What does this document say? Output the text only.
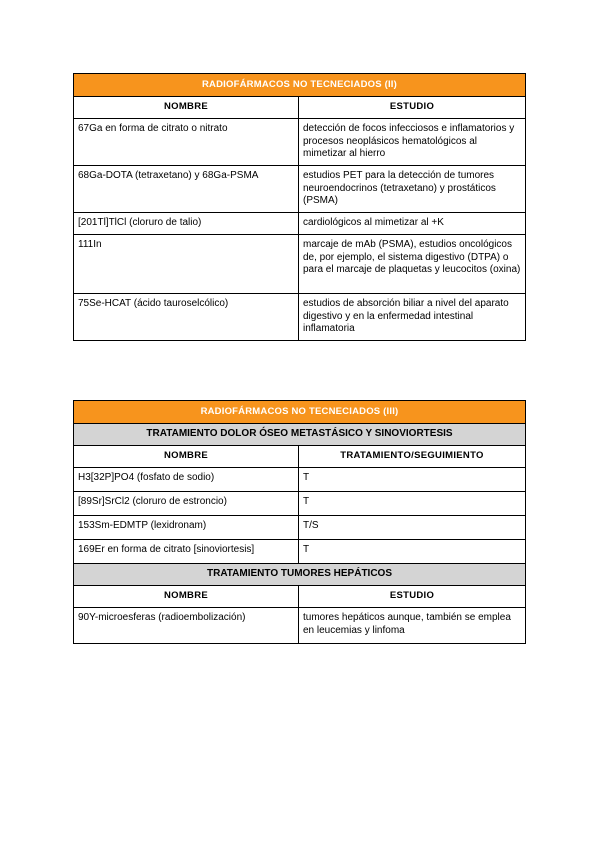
RADIOFÁRMACOS NO TECNECIADOS (II)	
NOMBRE	ESTUDIO
67Ga en forma de citrato o nitrato	detección de focos infecciosos e inflamatorios y procesos neoplásicos hematológicos al mimetizar al hierro
68Ga-DOTA (tetraxetano) y 68Ga-PSMA	estudios PET para la detección de tumores neuroendocrinos (tetraxetano) y prostáticos (PSMA)
[201Tl]TlCl (cloruro de talio)	cardiológicos al mimetizar al +K
111In	marcaje de mAb (PSMA), estudios oncológicos de, por ejemplo, el sistema digestivo (DTPA) o para el marcaje de plaquetas y leucocitos (oxina)
75Se-HCAT (ácido tauroselcólico)	estudios de absorción biliar a nivel del aparato digestivo y en la enfermedad intestinal inflamatoria
RADIOFÁRMACOS NO TECNECIADOS (III)	
TRATAMIENTO DOLOR ÓSEO METASTÁSICO Y SINOVIORTESIS	
NOMBRE	TRATAMIENTO/SEGUIMIENTO
H3[32P]PO4 (fosfato de sodio)	T
[89Sr]SrCl2 (cloruro de estroncio)	T
153Sm-EDMTP (lexidronam)	T/S
169Er en forma de citrato [sinoviortesis]	T
TRATAMIENTO TUMORES HEPÁTICOS	
NOMBRE	ESTUDIO
90Y-microesferas (radioembolización)	tumores hepáticos aunque, también se emplea en leucemias y linfoma
